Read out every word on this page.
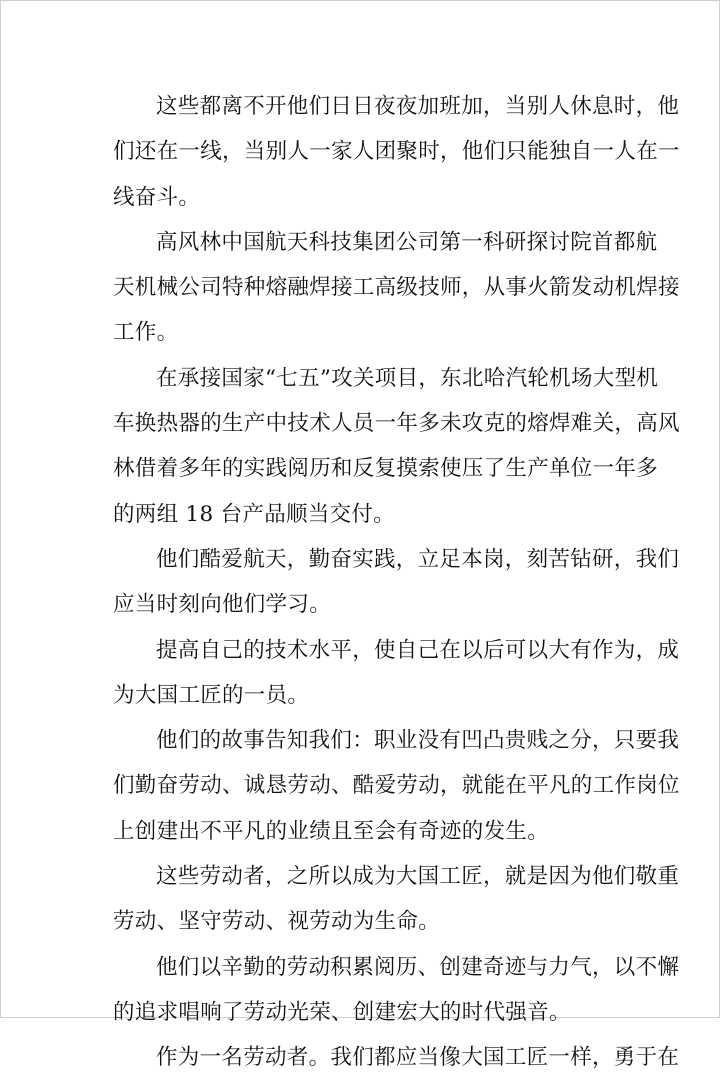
这些都离不开他们日日夜夜加班加，当别人休息时，他
们还在一线，当别人一家人团聚时，他们只能独自一人在一
线奋斗。

高风林中国航天科技集团公司第一科研探讨院首都航
天机械公司特种熔融焊接工高级技师，从事火箭发动机焊接
工作。

在承接国家“七五”攻关项目，东北哈汽轮机场大型机
车换热器的生产中技术人员一年多未攻克的熔焊难关，高风
林借着多年的实践阅历和反复摸索使压了生产单位一年多
的两组 18 台产品顺当交付。

他们酷爱航天，勤奋实践，立足本岗，刻苦钻研，我们
应当时刻向他们学习。

提高自己的技术水平，使自己在以后可以大有作为，成
为大国工匠的一员。

他们的故事告知我们：职业没有凹凸贵贱之分，只要我
们勤奋劳动、诚恳劳动、酷爱劳动，就能在平凡的工作岗位
上创建出不平凡的业绩且至会有奇迹的发生。

这些劳动者，之所以成为大国工匠，就是因为他们敬重
劳动、坚守劳动、视劳动为生命。

他们以辛勤的劳动积累阅历、创建奇迹与力气，以不懈
的追求唱响了劳动光荣、创建宏大的时代强音。

作为一名劳动者。我们都应当像大国工匠一样，勇于在
